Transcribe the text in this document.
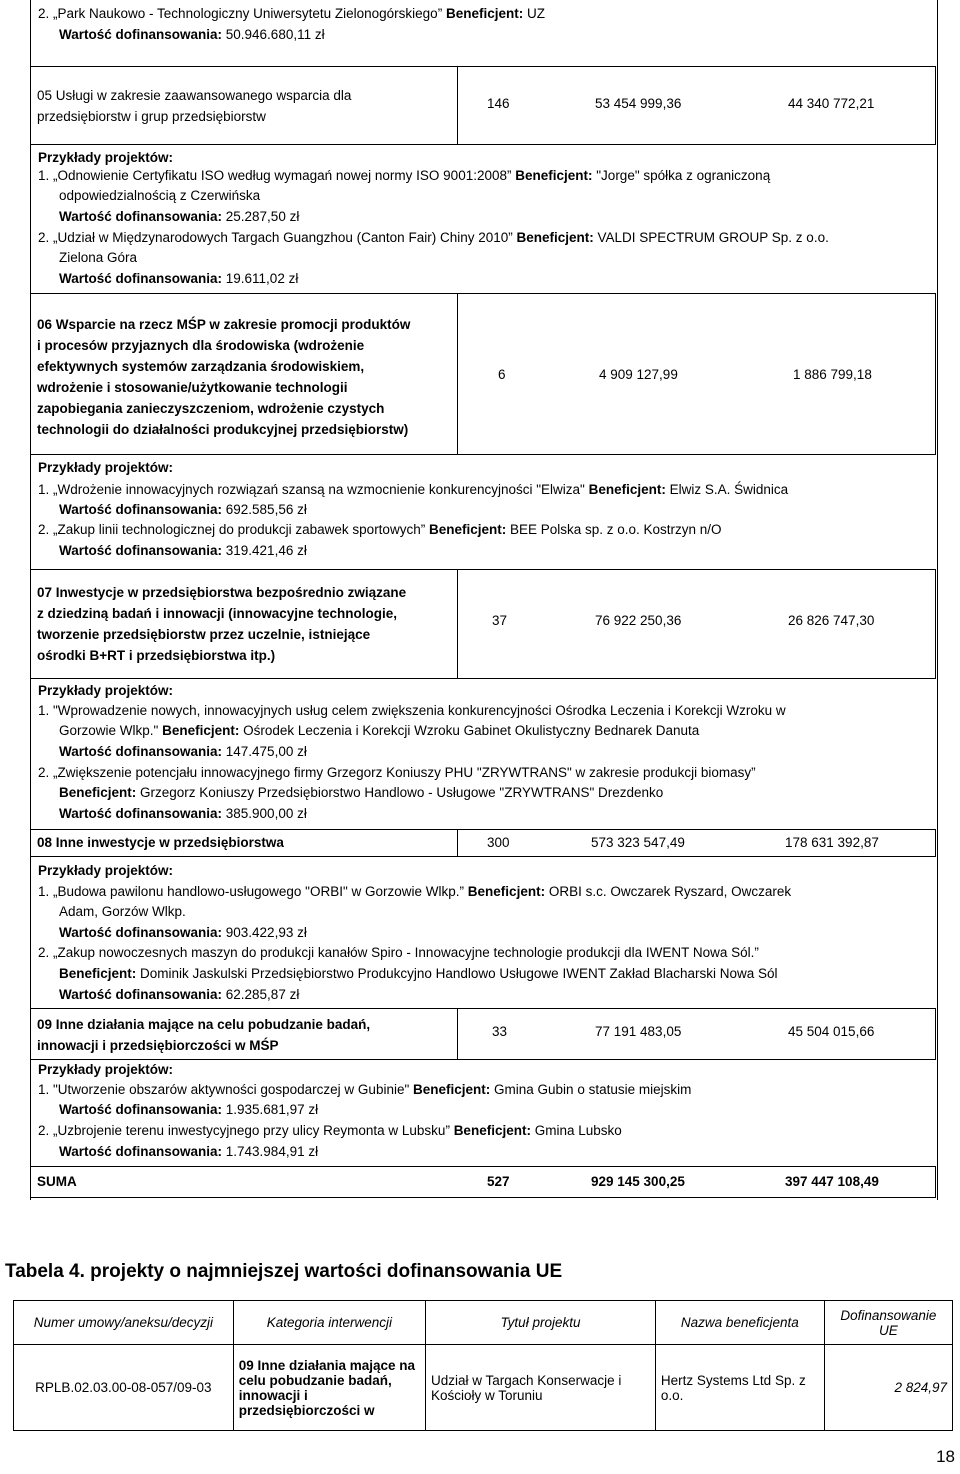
2. „Park Naukowo - Technologiczny Uniwersytetu Zielonogórskiego” Beneficjent: UZ
Wartość dofinansowania: 50.946.680,11 zł
05 Usługi w zakresie zaawansowanego wsparcia dla
przedsiębiorstw i grup przedsiębiorstw
146	53 454 999,36	44 340 772,21
Przykłady projektów:
1. „Odnowienie Certyfikatu ISO według wymagań nowej normy ISO 9001:2008” Beneficjent: "Jorge" spółka z ograniczoną
odpowiedzialnością z Czerwińska
Wartość dofinansowania: 25.287,50 zł
2. „Udział w Międzynarodowych Targach Guangzhou (Canton Fair) Chiny 2010” Beneficjent: VALDI SPECTRUM GROUP Sp. z o.o.
Zielona Góra
Wartość dofinansowania: 19.611,02 zł
06 Wsparcie na rzecz MŚP w zakresie promocji produktów
i procesów przyjaznych dla środowiska (wdrożenie
efektywnych systemów zarządzania środowiskiem,
wdrożenie i stosowanie/użytkowanie technologii
zapobiegania zanieczyszczeniom, wdrożenie czystych
technologii do działalności produkcyjnej przedsiębiorstw)
6	4 909 127,99	1 886 799,18
Przykłady projektów:
1. „Wdrożenie innowacyjnych rozwiązań szansą na wzmocnienie konkurencyjności "Elwiza" Beneficjent: Elwiz S.A. Świdnica
Wartość dofinansowania: 692.585,56 zł
2. „Zakup linii technologicznej do produkcji zabawek sportowych” Beneficjent: BEE Polska sp. z o.o. Kostrzyn n/O
Wartość dofinansowania: 319.421,46 zł
07 Inwestycje w przedsiębiorstwa bezpośrednio związane
z dziedziną badań i innowacji (innowacyjne technologie,
tworzenie przedsiębiorstw przez uczelnie, istniejące
ośrodki B+RT i przedsiębiorstwa itp.)
37	76 922 250,36	26 826 747,30
Przykłady projektów:
1. "Wprowadzenie nowych, innowacyjnych usług celem zwiększenia konkurencyjności Ośrodka Leczenia i Korekcji Wzroku w
Gorzowie Wlkp." Beneficjent: Ośrodek Leczenia i Korekcji Wzroku Gabinet Okulistyczny Bednarek Danuta
Wartość dofinansowania: 147.475,00 zł
2. „Zwiększenie potencjału innowacyjnego firmy Grzegorz Koniuszy PHU "ZRYWTRANS" w zakresie produkcji biomasy”
Beneficjent: Grzegorz Koniuszy Przedsiębiorstwo Handlowo - Usługowe "ZRYWTRANS" Drezdenko
Wartość dofinansowania: 385.900,00 zł
08 Inne inwestycje w przedsiębiorstwa	300	573 323 547,49	178 631 392,87
Przykłady projektów:
1. „Budowa pawilonu handlowo-usługowego "ORBI" w Gorzowie Wlkp.” Beneficjent: ORBI s.c. Owczarek Ryszard, Owczarek
Adam, Gorzów Wlkp.
Wartość dofinansowania: 903.422,93 zł
2. „Zakup nowoczesnych maszyn do produkcji kanałów Spiro - Innowacyjne technologie produkcji dla IWENT Nowa Sól.”
Beneficjent: Dominik Jaskulski Przedsiębiorstwo Produkcyjno Handlowo Usługowe IWENT Zakład Blacharski Nowa Sól
Wartość dofinansowania: 62.285,87 zł
09 Inne działania mające na celu pobudzanie badań,
innowacji i przedsiębiorczości w MŚP
33	77 191 483,05	45 504 015,66
Przykłady projektów:
1. "Utworzenie obszarów aktywności gospodarczej w Gubinie" Beneficjent: Gmina Gubin o statusie miejskim
Wartość dofinansowania: 1.935.681,97 zł
2. „Uzbrojenie terenu inwestycyjnego przy ulicy Reymonta w Lubsku” Beneficjent: Gmina Lubsko
Wartość dofinansowania: 1.743.984,91 zł
SUMA	527	929 145 300,25	397 447 108,49
Tabela 4. projekty o najmniejszej wartości dofinansowania UE
Numer umowy/aneksu/decyzji	Kategoria interwencji	Tytuł projektu	Nazwa beneficjenta	Dofinansowanie UE
RPLB.02.03.00-08-057/09-03	09 Inne działania mające na celu pobudzanie badań, innowacji i przedsiębiorczości w	Udział w Targach Konserwacje i Kościoły w Toruniu	Hertz Systems Ltd Sp. z o.o.	2 824,97
18
